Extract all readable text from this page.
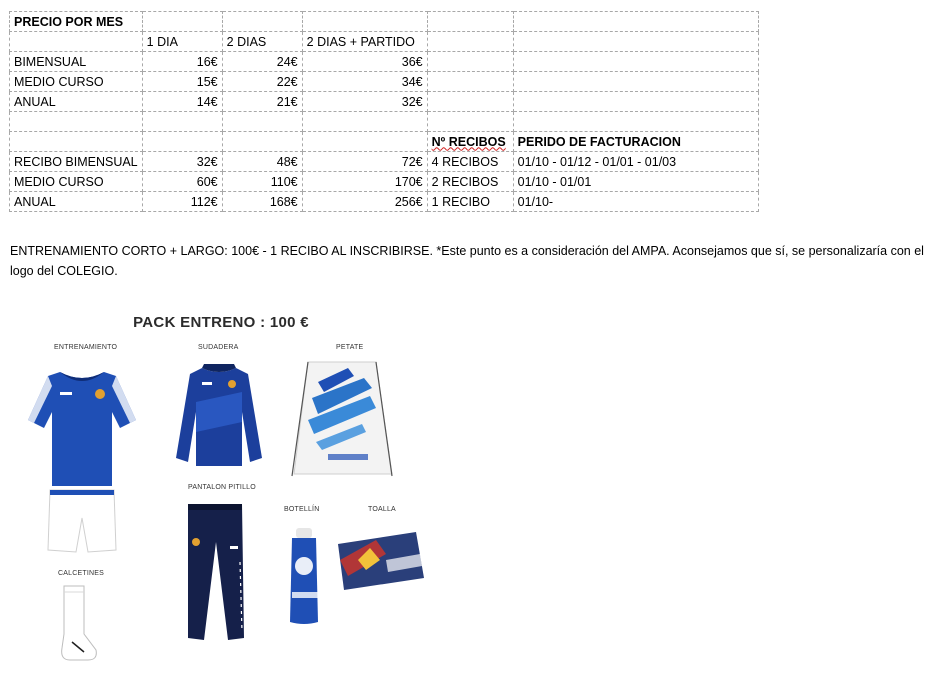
PRECIO POR MES					
	1 DIA	2 DIAS	2 DIAS + PARTIDO		
BIMENSUAL	16€	24€	36€		
MEDIO CURSO	15€	22€	34€		
ANUAL	14€	21€	32€		

				Nº RECIBOS	PERIDO DE FACTURACION
RECIBO BIMENSUAL	32€	48€	72€	4 RECIBOS	01/10 - 01/12 - 01/01 - 01/03
MEDIO CURSO	60€	110€	170€	2 RECIBOS	01/10 - 01/01
ANUAL	112€	168€	256€	1 RECIBO	01/10-
ENTRENAMIENTO CORTO + LARGO: 100€ - 1 RECIBO AL INSCRIBIRSE. *Este punto es a consideración del AMPA. Aconsejamos que sí, se personalizaría con el logo del COLEGIO.
PACK ENTRENO : 100 €
ENTRENAMIENTO	SUDADERA	PETATE
PANTALON PITILLO
BOTELLÍN	TOALLA
CALCETINES
